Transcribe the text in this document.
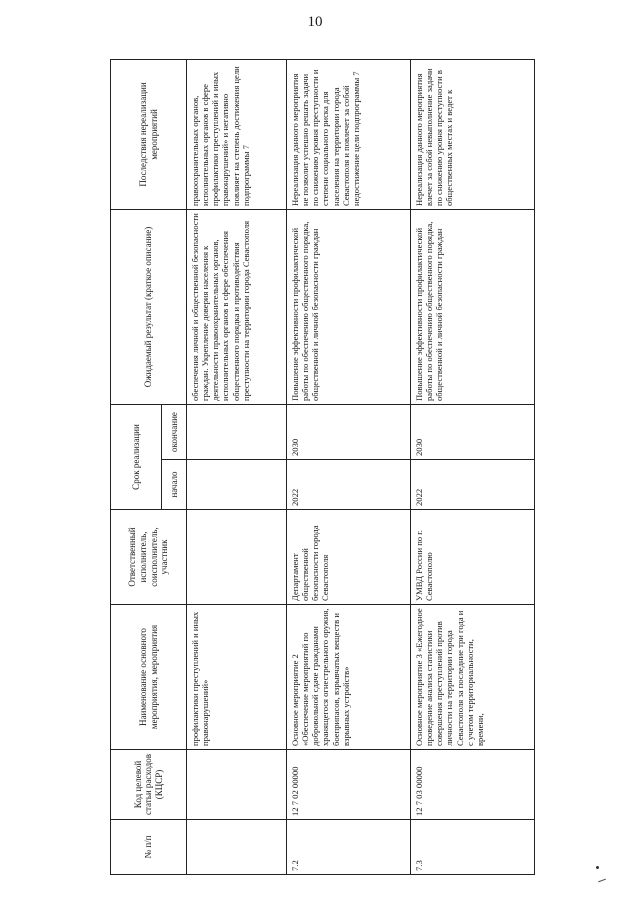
10
№ п/п	Код целевой статьи расходов (КЦСР)	Наименование основного мероприятия, мероприятия	Ответственный исполнитель, соисполнитель, участник	Срок реализации		Ожидаемый результат (краткое описание)	Последствия нереализации мероприятий
				начало	окончание		
		профилактики преступлений и иных правонарушений»				обеспечения личной и общественной безопасности граждан. Укрепление доверия населения к деятельности правоохранительных органов, исполнительных органов в сфере обеспечения общественного порядка и противодействия преступности на территории города Севастополя	правоохранительных органов, исполнительных органов в сфере профилактики преступлений и иных правонарушений» и негативно повлияет на степень достижения цели подпрограммы 7
7.2	12 7 02 00000	Основное мероприятие 2 «Обеспечение мероприятий по добровольной сдаче гражданами хранящегося огнестрельного оружия, боеприпасов, взрывчатых веществ и взрывных устройств»	Департамент общественной безопасности города Севастополя	2022	2030	Повышение эффективности профилактической работы по обеспечению общественного порядка, общественной и личной безопасности граждан	Нереализация данного мероприятия не позволит успешно решать задачи по снижению уровня преступности и степени социального риска для населения на территории города Севастополя и повлечет за собой недостижение цели подпрограммы 7
7.3	12 7 03 00000	Основное мероприятие 3 «Ежегодное проведение анализа статистики совершения преступлений против личности на территории города Севастополя за последние три года и с учетом территориальности, времени,	УМВД России по г. Севастополю	2022	2030	Повышение эффективности профилактической работы по обеспечению общественного порядка, общественной и личной безопасности граждан	Нереализация данного мероприятия влечет за собой невыполнение задачи по снижению уровня преступности в общественных местах и ведет к
